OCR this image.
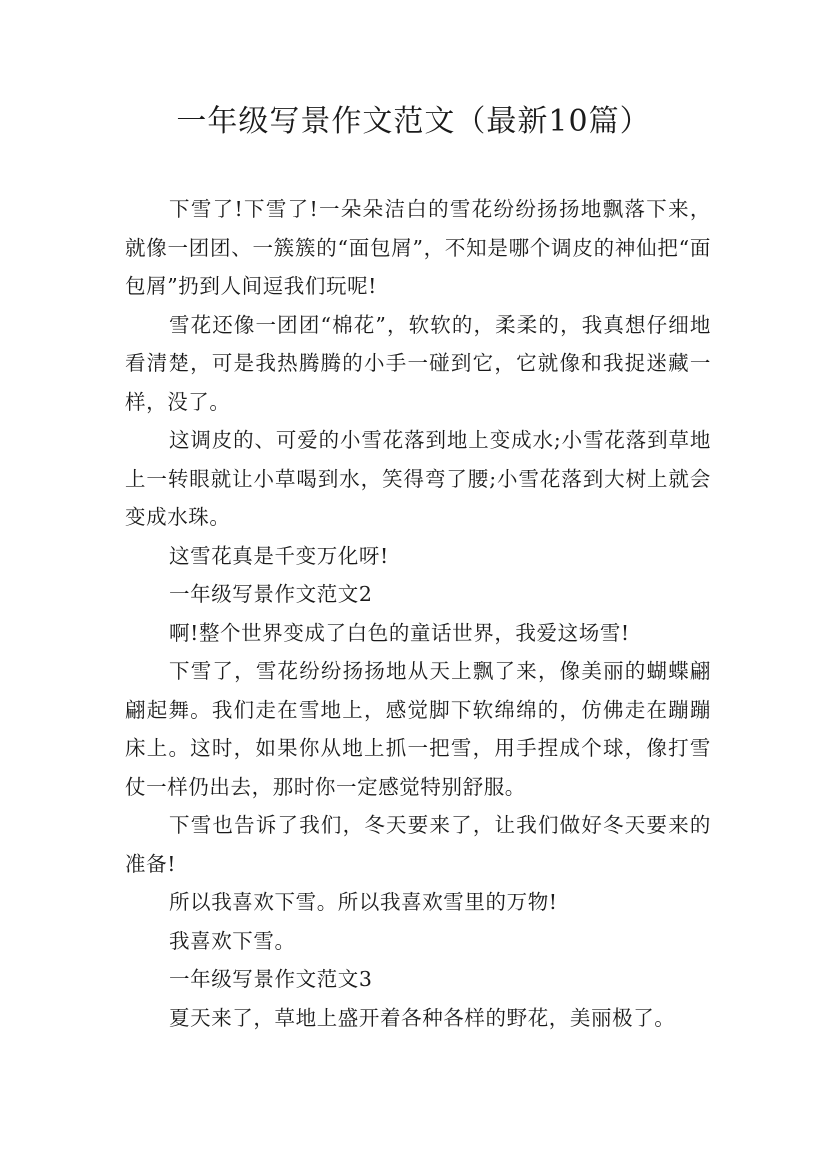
一年级写景作文范文（最新10篇）

下雪了!下雪了!一朵朵洁白的雪花纷纷扬扬地飘落下来，就像一团团、一簇簇的“面包屑”，不知是哪个调皮的神仙把“面包屑”扔到人间逗我们玩呢!

雪花还像一团团“棉花”，软软的，柔柔的，我真想仔细地看清楚，可是我热腾腾的小手一碰到它，它就像和我捉迷藏一样，没了。

这调皮的、可爱的小雪花落到地上变成水;小雪花落到草地上一转眼就让小草喝到水，笑得弯了腰;小雪花落到大树上就会变成水珠。

这雪花真是千变万化呀!

一年级写景作文范文2

啊!整个世界变成了白色的童话世界，我爱这场雪!

下雪了，雪花纷纷扬扬地从天上飘了来，像美丽的蝴蝶翩翩起舞。我们走在雪地上，感觉脚下软绵绵的，仿佛走在蹦蹦床上。这时，如果你从地上抓一把雪，用手捏成个球，像打雪仗一样仍出去，那时你一定感觉特别舒服。

下雪也告诉了我们，冬天要来了，让我们做好冬天要来的准备!

所以我喜欢下雪。所以我喜欢雪里的万物!

我喜欢下雪。

一年级写景作文范文3

夏天来了，草地上盛开着各种各样的野花，美丽极了。
